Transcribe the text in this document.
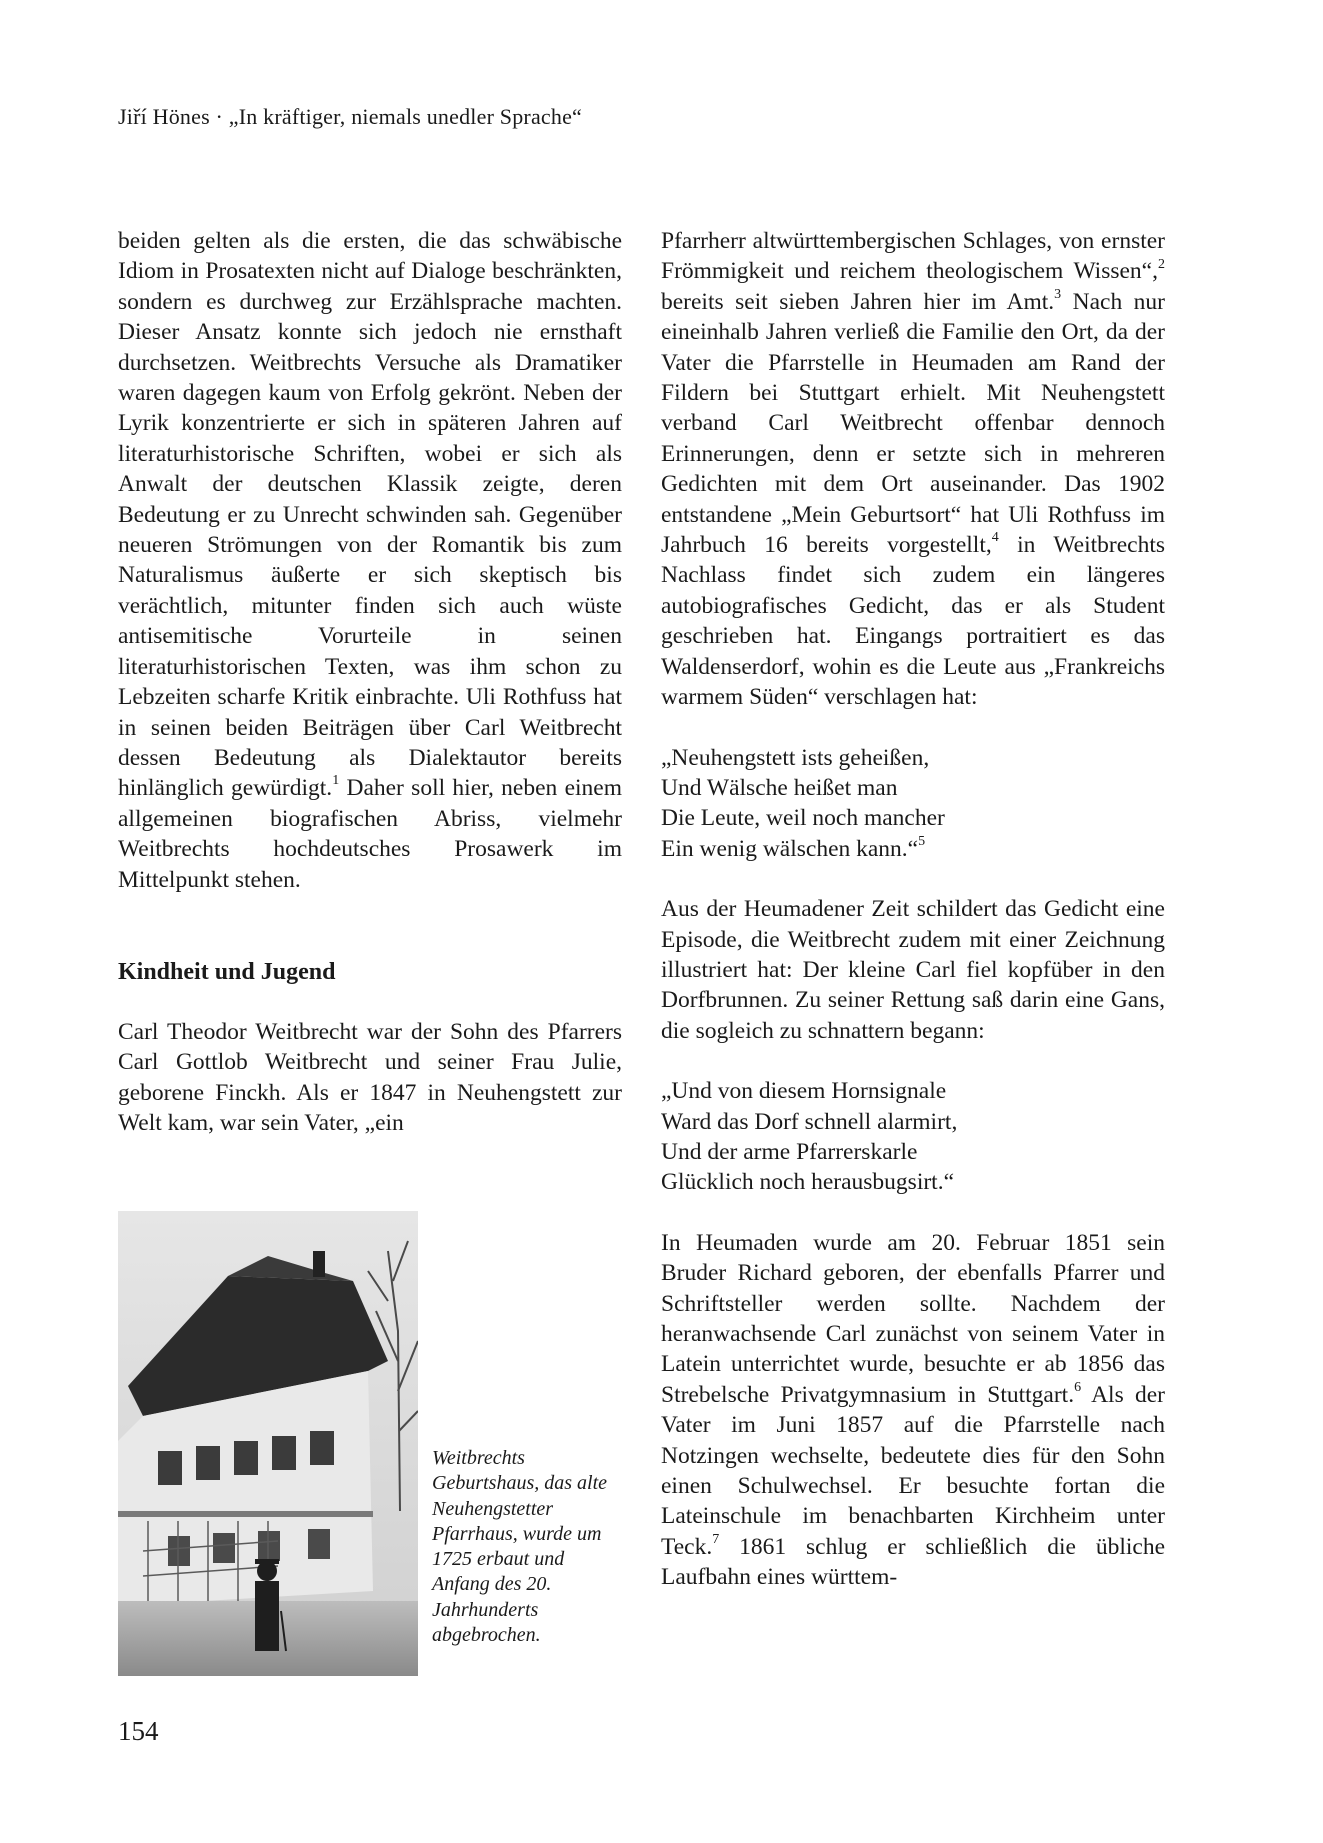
Jiří Hönes · „In kräftiger, niemals unedler Sprache“

beiden gelten als die ersten, die das schwäbische Idiom in Prosatexten nicht auf Dialoge beschränkten, sondern es durchweg zur Erzählsprache machten. Dieser Ansatz konnte sich jedoch nie ernsthaft durchsetzen. Weitbrechts Versuche als Dramatiker waren dagegen kaum von Erfolg gekrönt. Neben der Lyrik konzentrierte er sich in späteren Jahren auf literaturhistorische Schriften, wobei er sich als Anwalt der deutschen Klassik zeigte, deren Bedeutung er zu Unrecht schwinden sah. Gegenüber neueren Strömungen von der Romantik bis zum Naturalismus äußerte er sich skeptisch bis verächtlich, mitunter finden sich auch wüste antisemitische Vorurteile in seinen literaturhistorischen Texten, was ihm schon zu Lebzeiten scharfe Kritik einbrachte. Uli Rothfuss hat in seinen beiden Beiträgen über Carl Weitbrecht dessen Bedeutung als Dialektautor bereits hinlänglich gewürdigt.$^1$ Daher soll hier, neben einem allgemeinen biografischen Abriss, vielmehr Weitbrechts hochdeutsches Prosawerk im Mittelpunkt stehen.

Kindheit und Jugend

Carl Theodor Weitbrecht war der Sohn des Pfarrers Carl Gottlob Weitbrecht und seiner Frau Julie, geborene Finckh. Als er 1847 in Neuhengstett zur Welt kam, war sein Vater, „ein

Pfarrherr altwürttembergischen Schlages, von ernster Frömmigkeit und reichem theologischem Wissen“,$^2$ bereits seit sieben Jahren hier im Amt.$^3$ Nach nur eineinhalb Jahren verließ die Familie den Ort, da der Vater die Pfarrstelle in Heumaden am Rand der Fildern bei Stuttgart erhielt. Mit Neuhengstett verband Carl Weitbrecht offenbar dennoch Erinnerungen, denn er setzte sich in mehreren Gedichten mit dem Ort auseinander. Das 1902 entstandene „Mein Geburtsort“ hat Uli Rothfuss im Jahrbuch 16 bereits vorgestellt,$^4$ in Weitbrechts Nachlass findet sich zudem ein längeres autobiografisches Gedicht, das er als Student geschrieben hat. Eingangs portraitiert es das Waldenserdorf, wohin es die Leute aus „Frankreichs warmem Süden“ verschlagen hat:

„Neuhengstett ists geheißen,
Und Wälsche heißet man
Die Leute, weil noch mancher
Ein wenig wälschen kann.“$^5$

Aus der Heumadener Zeit schildert das Gedicht eine Episode, die Weitbrecht zudem mit einer Zeichnung illustriert hat: Der kleine Carl fiel kopfüber in den Dorfbrunnen. Zu seiner Rettung saß darin eine Gans, die sogleich zu schnattern begann:

„Und von diesem Hornsignale
Ward das Dorf schnell alarmirt,
Und der arme Pfarrerskarle
Glücklich noch herausbugsirt.“

In Heumaden wurde am 20. Februar 1851 sein Bruder Richard geboren, der ebenfalls Pfarrer und Schriftsteller werden sollte. Nachdem der heranwachsende Carl zunächst von seinem Vater in Latein unterrichtet wurde, besuchte er ab 1856 das Strebelsche Privatgymnasium in Stuttgart.$^6$ Als der Vater im Juni 1857 auf die Pfarrstelle nach Notzingen wechselte, bedeutete dies für den Sohn einen Schulwechsel. Er besuchte fortan die Lateinschule im benachbarten Kirchheim unter Teck.$^7$ 1861 schlug er schließlich die übliche Laufbahn eines württem-

Weitbrechts Geburtshaus, das alte Neuhengstetter Pfarrhaus, wurde um 1725 erbaut und Anfang des 20. Jahrhunderts abgebrochen.
154
